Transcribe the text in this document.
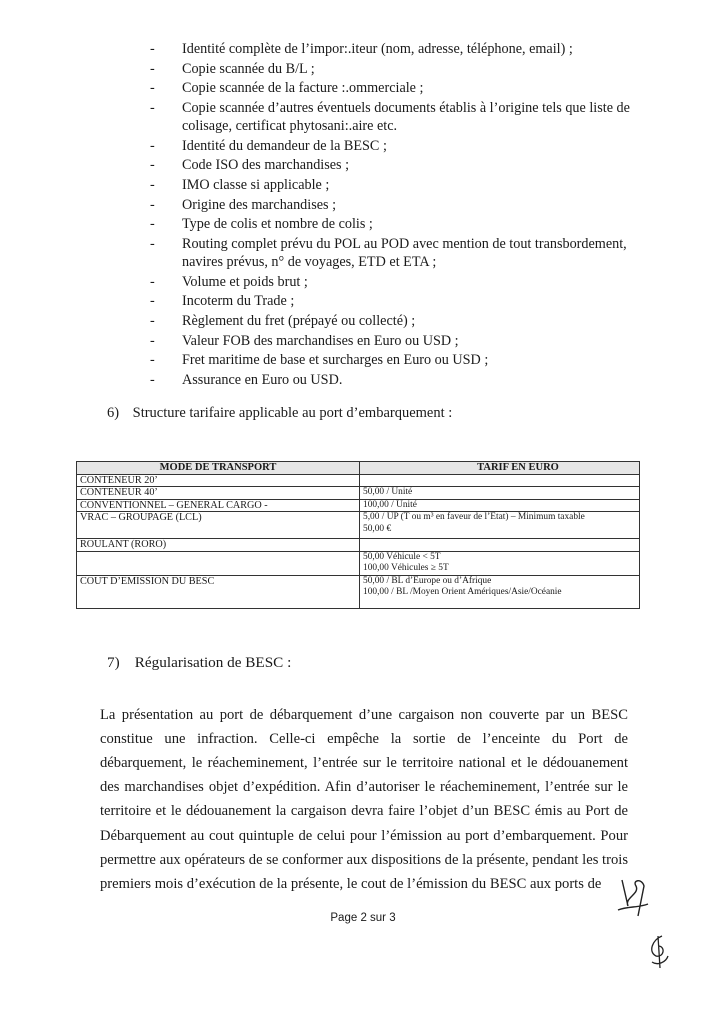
- Identité complète de l’impor:.iteur (nom, adresse, téléphone, email) ;
- Copie scannée du B/L ;
- Copie scannée de la facture :.ommerciale ;
- Copie scannée d’autres éventuels documents établis à l’origine tels que liste de colisage, certificat phytosani:.aire etc.
- Identité du demandeur de la BESC ;
- Code ISO des marchandises ;
- IMO classe si applicable ;
- Origine des marchandises ;
- Type de colis et nombre de colis ;
- Routing complet prévu du POL au POD avec mention de tout transbordement, navires prévus, n° de voyages, ETD et ETA ;
- Volume et poids brut ;
- Incoterm du Trade ;
- Règlement du fret (prépayé ou collecté) ;
- Valeur FOB des marchandises en Euro ou USD ;
- Fret maritime de base et surcharges en Euro ou USD ;
- Assurance en Euro ou USD.
6) Structure tarifaire applicable au port d’embarquement :
MODE DE TRANSPORT	TARIF EN EURO
CONTENEUR 20’	
CONTENEUR 40’	50,00 / Unité
CONVENTIONNEL – GENERAL CARGO -	100,00 / Unité
VRAC – GROUPAGE (LCL)	5,00 / UP (T ou m³ en faveur de l’Etat) – Minimum taxable
50,00 €
ROULANT (RORO)	
	50,00 Véhicule < 5T
100,00 Véhicules ≥ 5T
COUT D’EMISSION DU BESC	50,00 / BL d’Europe ou d’Afrique
100,00 / BL /Moyen Orient Amériques/Asie/Océanie
7) Régularisation de BESC :

La présentation au port de débarquement d’une cargaison non couverte par un BESC constitue une infraction. Celle-ci empêche la sortie de l’enceinte du Port de débarquement, le réacheminement, l’entrée sur le territoire national et le dédouanement des marchandises objet d’expédition. Afin d’autoriser le réacheminement, l’entrée sur le territoire et le dédouanement la cargaison devra faire l’objet d’un BESC émis au Port de Débarquement au cout quintuple de celui pour l’émission au port d’embarquement. Pour permettre aux opérateurs de se conformer aux dispositions de la présente, pendant les trois premiers mois d’exécution de la présente, le cout de l’émission du BESC aux ports de

Page 2 sur 3
